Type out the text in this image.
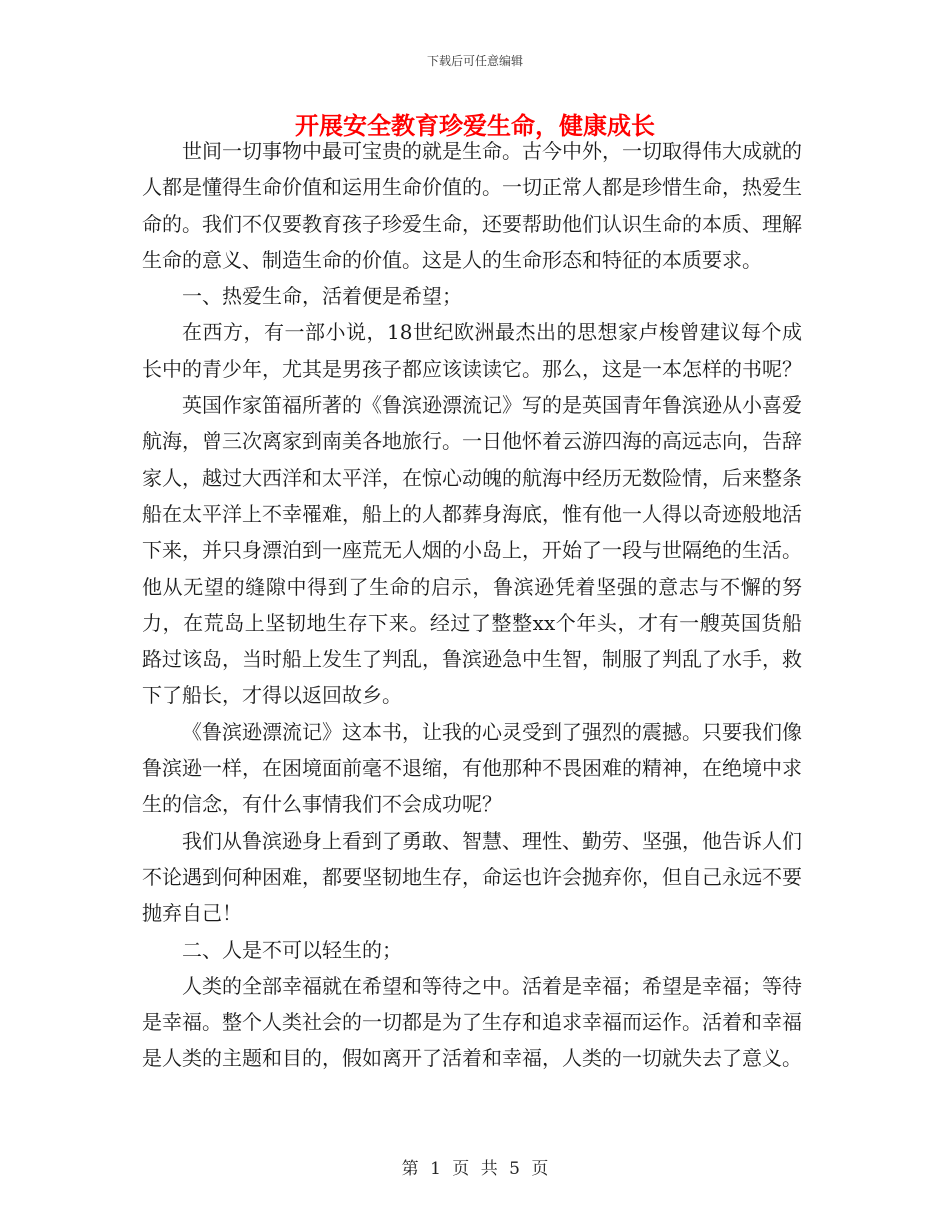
下载后可任意编辑
开展安全教育珍爱生命，健康成长

世间一切事物中最可宝贵的就是生命。古今中外，一切取得伟大成就的人都是懂得生命价值和运用生命价值的。一切正常人都是珍惜生命，热爱生命的。我们不仅要教育孩子珍爱生命，还要帮助他们认识生命的本质、理解生命的意义、制造生命的价值。这是人的生命形态和特征的本质要求。

一、热爱生命，活着便是希望；

在西方，有一部小说，18世纪欧洲最杰出的思想家卢梭曾建议每个成长中的青少年，尤其是男孩子都应该读读它。那么，这是一本怎样的书呢？

英国作家笛福所著的《鲁滨逊漂流记》写的是英国青年鲁滨逊从小喜爱航海，曾三次离家到南美各地旅行。一日他怀着云游四海的高远志向，告辞家人，越过大西洋和太平洋，在惊心动魄的航海中经历无数险情，后来整条船在太平洋上不幸罹难，船上的人都葬身海底，惟有他一人得以奇迹般地活下来，并只身漂泊到一座荒无人烟的小岛上，开始了一段与世隔绝的生活。他从无望的缝隙中得到了生命的启示，鲁滨逊凭着坚强的意志与不懈的努力，在荒岛上坚韧地生存下来。经过了整整xx个年头，才有一艘英国货船路过该岛，当时船上发生了判乱，鲁滨逊急中生智，制服了判乱了水手，救下了船长，才得以返回故乡。

《鲁滨逊漂流记》这本书，让我的心灵受到了强烈的震撼。只要我们像鲁滨逊一样，在困境面前毫不退缩，有他那种不畏困难的精神，在绝境中求生的信念，有什么事情我们不会成功呢？

我们从鲁滨逊身上看到了勇敢、智慧、理性、勤劳、坚强，他告诉人们不论遇到何种困难，都要坚韧地生存，命运也许会抛弃你，但自己永远不要抛弃自己！

二、人是不可以轻生的；

人类的全部幸福就在希望和等待之中。活着是幸福；希望是幸福；等待是幸福。整个人类社会的一切都是为了生存和追求幸福而运作。活着和幸福是人类的主题和目的，假如离开了活着和幸福，人类的一切就失去了意义。

第 1 页 共 5 页
